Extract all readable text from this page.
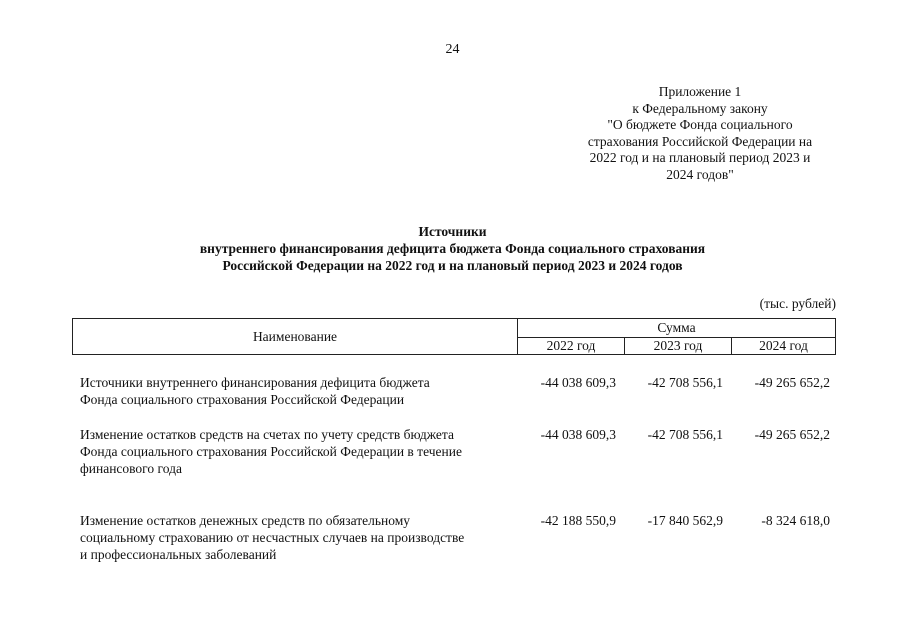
24
Приложение 1
к Федеральному закону
"О бюджете Фонда социального
страхования Российской Федерации на
2022 год и на плановый период 2023 и
2024 годов"
Источники
внутреннего финансирования дефицита бюджета Фонда социального страхования
Российской Федерации на 2022 год и на плановый период 2023 и 2024 годов
(тыс. рублей)
Наименование
Сумма
2022 год	2023 год	2024 год
Источники внутреннего финансирования дефицита бюджета
Фонда социального страхования Российской Федерации
-44 038 609,3	-42 708 556,1	-49 265 652,2
Изменение остатков средств на счетах по учету средств бюджета
Фонда социального страхования Российской Федерации в течение
финансового года
-44 038 609,3	-42 708 556,1	-49 265 652,2
Изменение остатков денежных средств по обязательному
социальному страхованию от несчастных случаев на производстве
и профессиональных заболеваний
-42 188 550,9	-17 840 562,9	-8 324 618,0
